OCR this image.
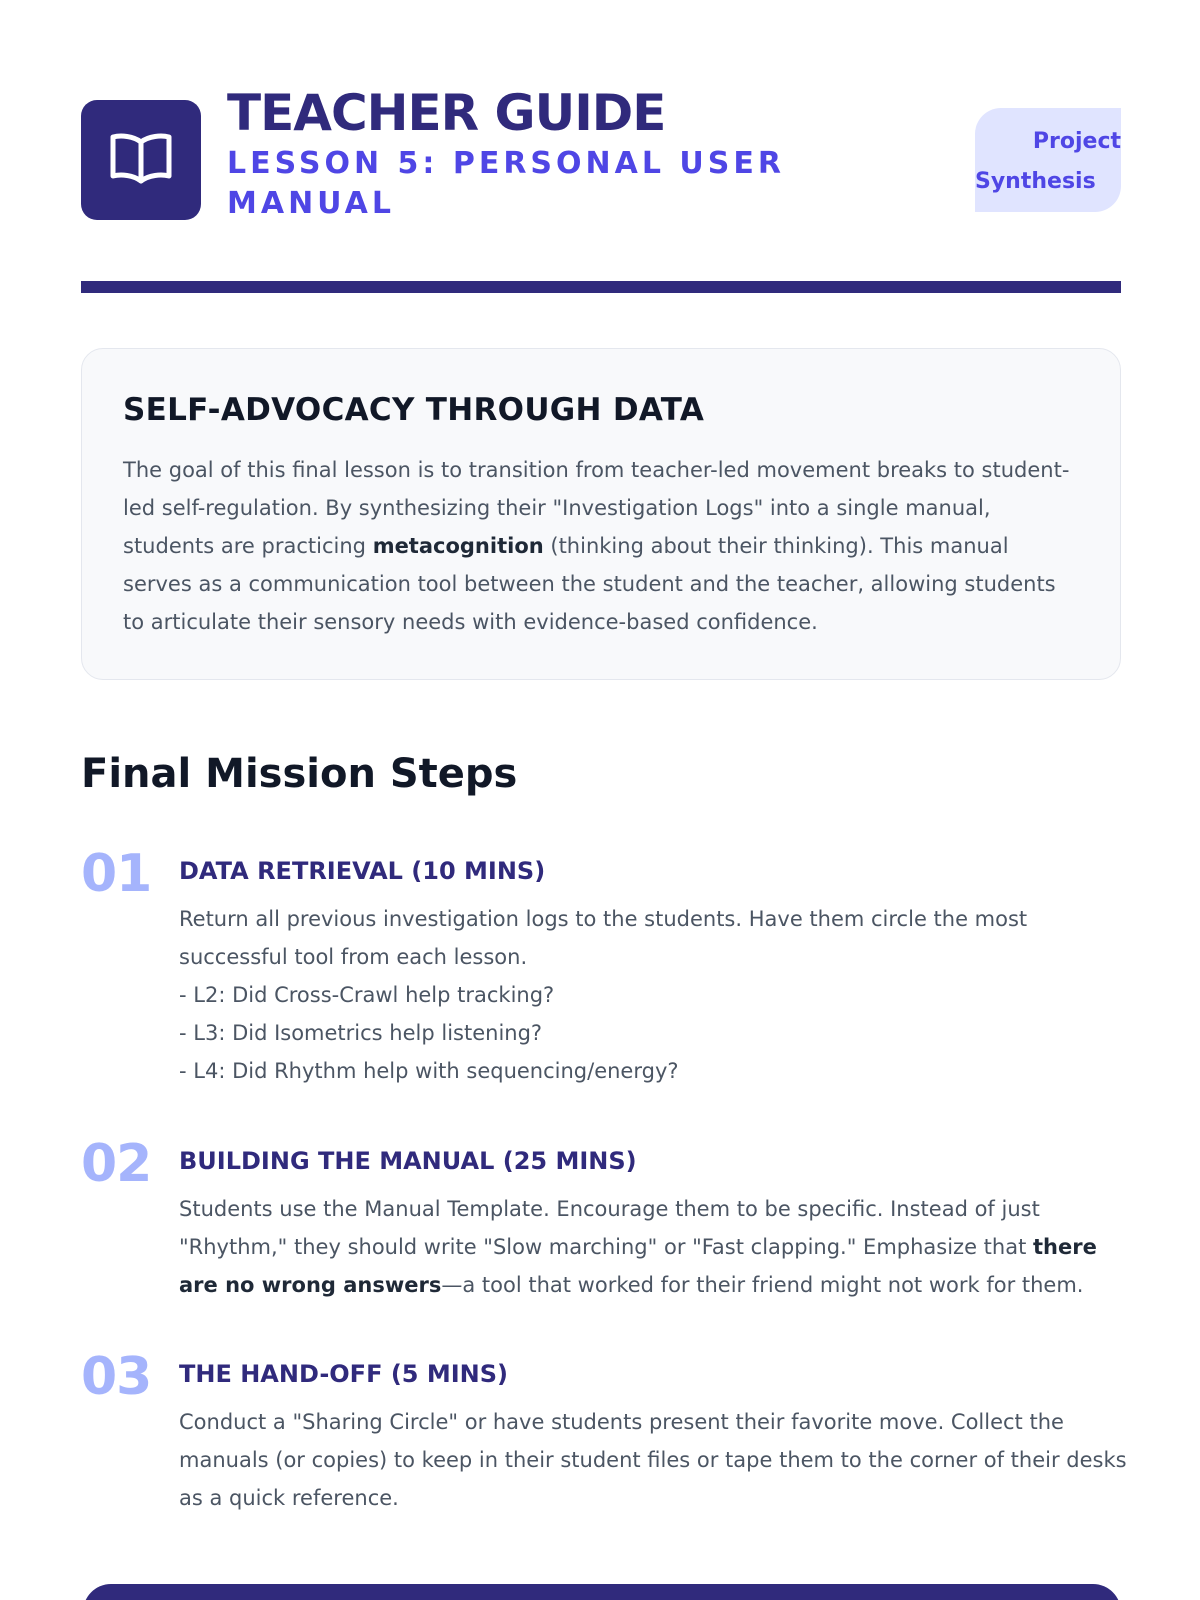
TEACHER GUIDE

LESSON 5: PERSONAL USER MANUAL

Project
Synthesis
SELF-ADVOCACY THROUGH DATA

The goal of this final lesson is to transition from teacher-led movement breaks to student-led self-regulation. By synthesizing their "Investigation Logs" into a single manual, students are practicing metacognition (thinking about their thinking). This manual serves as a communication tool between the student and the teacher, allowing students to articulate their sensory needs with evidence-based confidence.

Final Mission Steps
01 DATA RETRIEVAL (10 MINS)

Return all previous investigation logs to the students. Have them circle the most successful tool from each lesson.

- L2: Did Cross-Crawl help tracking?
- L3: Did Isometrics help listening?
- L4: Did Rhythm help with sequencing/energy?
02 BUILDING THE MANUAL (25 MINS)

Students use the Manual Template. Encourage them to be specific. Instead of just "Rhythm," they should write "Slow marching" or "Fast clapping." Emphasize that there are no wrong answers—a tool that worked for their friend might not work for them.

03 THE HAND-OFF (5 MINS)

Conduct a "Sharing Circle" or have students present their favorite move. Collect the manuals (or copies) to keep in their student files or tape them to the corner of their desks as a quick reference.
